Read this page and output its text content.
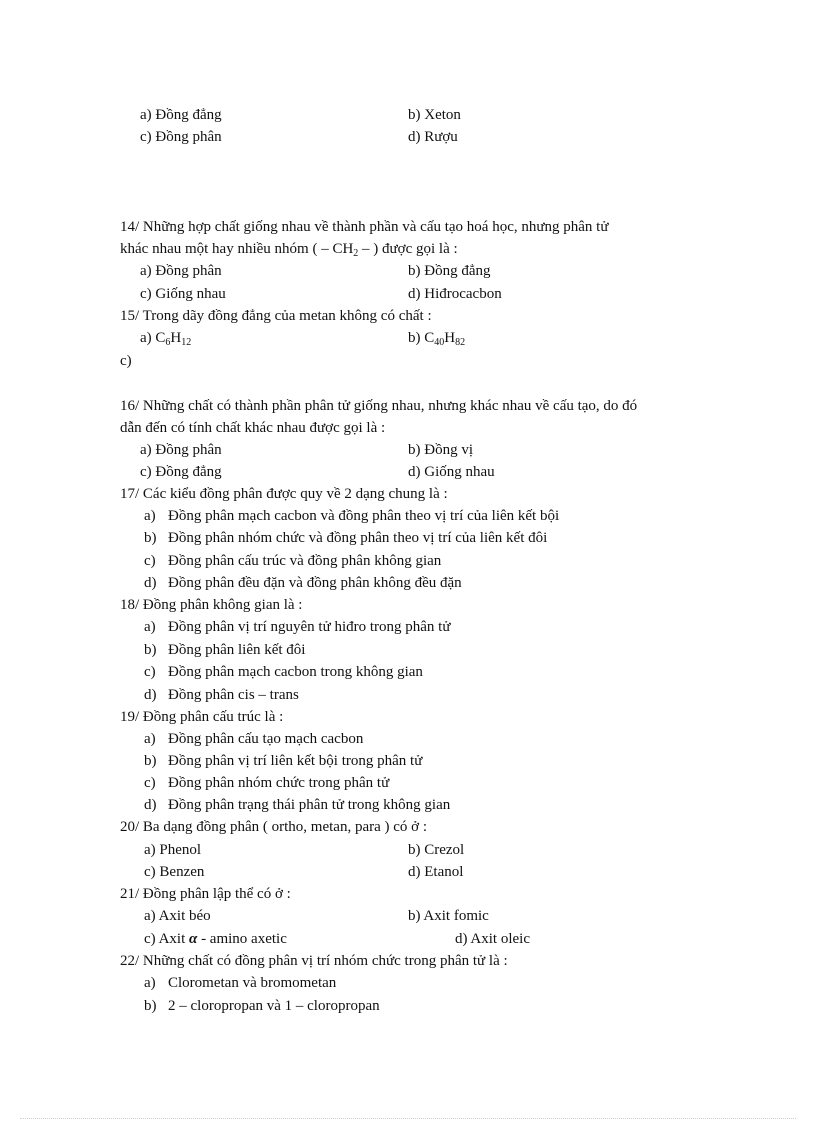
a) Đồng đẳng	b) Xeton
c) Đồng phân	d) Rượu
14/ Những hợp chất giống nhau về thành phần và cấu tạo hoá học, nhưng phân tử
khác nhau một hay nhiều nhóm ( – $CH_2$ – ) được gọi là :
a) Đồng phân	b) Đồng đẳng
c) Giống nhau	d) Hiđrocacbon
15/ Trong dãy đồng đẳng của metan không có chất :
a) $C_6H_{12}$	b) $C_{40}H_{82}$
c)
16/ Những chất có thành phần phân tử giống nhau, nhưng khác nhau về cấu tạo, do đó
dẫn đến có tính chất khác nhau được gọi là :
a) Đồng phân	b) Đồng vị
c) Đồng đẳng	d) Giống nhau
17/ Các kiểu đồng phân được quy về 2 dạng chung là :
a) Đồng phân mạch cacbon và đồng phân theo vị trí của liên kết bội
b) Đồng phân nhóm chức và đồng phân theo vị trí của liên kết đôi
c) Đồng phân cấu trúc và đồng phân không gian
d) Đồng phân đều đặn và đồng phân không đều đặn
18/ Đồng phân không gian là :
a) Đồng phân vị trí nguyên tử hiđro trong phân tử
b) Đồng phân liên kết đôi
c) Đồng phân mạch cacbon trong không gian
d) Đồng phân cis – trans
19/ Đồng phân cấu trúc là :
a) Đồng phân cấu tạo mạch cacbon
b) Đồng phân vị trí liên kết bội trong phân tử
c) Đồng phân nhóm chức trong phân tử
d) Đồng phân trạng thái phân tử trong không gian
20/ Ba dạng đồng phân ( ortho, metan, para ) có ở :
a) Phenol	b) Crezol
c) Benzen	d) Etanol
21/ Đồng phân lập thể có ở :
a) Axit béo	b) Axit fomic
c) Axit α - amino axetic	d) Axit oleic
22/ Những chất có đồng phân vị trí nhóm chức trong phân tử là :
a) Clorometan và bromometan
b) 2 – cloropropan và 1 – cloropropan
